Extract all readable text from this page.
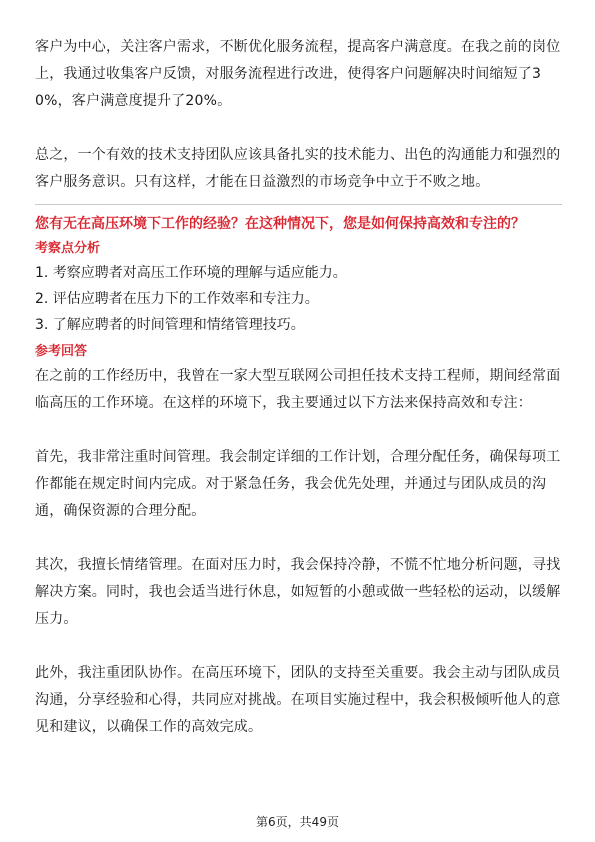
客户为中心，关注客户需求，不断优化服务流程，提高客户满意度。在我之前的岗位上，我通过收集客户反馈，对服务流程进行改进，使得客户问题解决时间缩短了30%，客户满意度提升了20%。

总之，一个有效的技术支持团队应该具备扎实的技术能力、出色的沟通能力和强烈的客户服务意识。只有这样，才能在日益激烈的市场竞争中立于不败之地。

您有无在高压环境下工作的经验？在这种情况下，您是如何保持高效和专注的？

考察点分析

1. 考察应聘者对高压工作环境的理解与适应能力。

2. 评估应聘者在压力下的工作效率和专注力。

3. 了解应聘者的时间管理和情绪管理技巧。

参考回答

在之前的工作经历中，我曾在一家大型互联网公司担任技术支持工程师，期间经常面临高压的工作环境。在这样的环境下，我主要通过以下方法来保持高效和专注：

首先，我非常注重时间管理。我会制定详细的工作计划，合理分配任务，确保每项工作都能在规定时间内完成。对于紧急任务，我会优先处理，并通过与团队成员的沟通，确保资源的合理分配。

其次，我擅长情绪管理。在面对压力时，我会保持冷静，不慌不忙地分析问题，寻找解决方案。同时，我也会适当进行休息，如短暂的小憩或做一些轻松的运动，以缓解压力。

此外，我注重团队协作。在高压环境下，团队的支持至关重要。我会主动与团队成员沟通，分享经验和心得，共同应对挑战。在项目实施过程中，我会积极倾听他人的意见和建议，以确保工作的高效完成。

第6页，共49页
